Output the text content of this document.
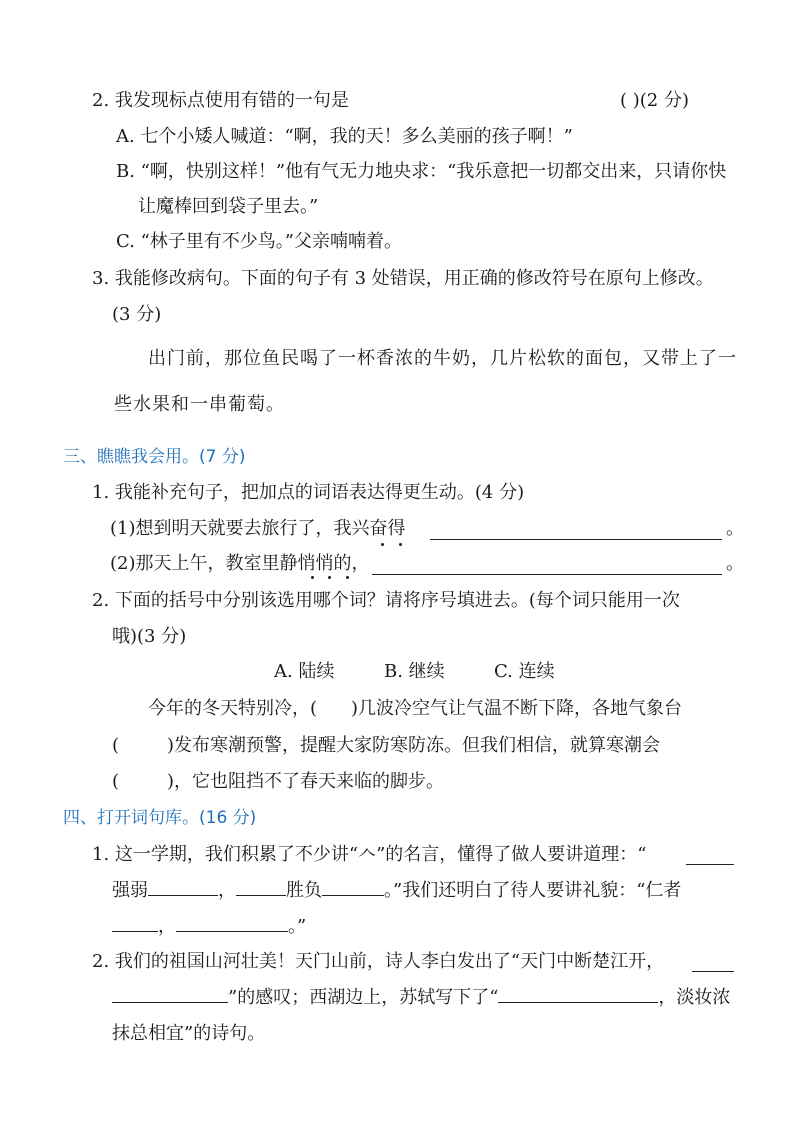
2. 我发现标点使用有错的一句是	( )(2 分)
A. 七个小矮人喊道：“啊，我的天！多么美丽的孩子啊！”
B. “啊，快别这样！”他有气无力地央求：“我乐意把一切都交出来，只请你快
让魔棒回到袋子里去。”
C. “林子里有不少鸟。”父亲喃喃着。
3. 我能修改病句。下面的句子有 3 处错误，用正确的修改符号在原句上修改。
(3 分)
出门前，那位鱼民喝了一杯香浓的牛奶，几片松软的面包，又带上了一
些水果和一串葡萄。
三、瞧瞧我会用。(7 分)
1. 我能补充句子，把加点的词语表达得更生动。(4 分)
(1)想到明天就要去旅行了，我兴奋得	。
(2)那天上午，教室里静悄悄的，	。
2. 下面的括号中分别该选用哪个词？请将序号填进去。(每个词只能用一次
哦)(3 分)
A. 陆续	B. 继续	C. 连续
今年的冬天特别冷，( )几波冷空气让气温不断下降，各地气象台
(	)发布寒潮预警，提醒大家防寒防冻。但我们相信，就算寒潮会
(	)，它也阻挡不了春天来临的脚步。
四、打开词句库。(16 分)
1. 这一学期，我们积累了不少讲“𠆢”的名言，懂得了做人要讲道理：“
强弱	，	胜负	。”我们还明白了待人要讲礼貌：“仁者
，	。”
2. 我们的祖国山河壮美！天门山前，诗人李白发出了“天门中断楚江开，
”的感叹；西湖边上，苏轼写下了“	，淡妆浓
抹总相宜”的诗句。
